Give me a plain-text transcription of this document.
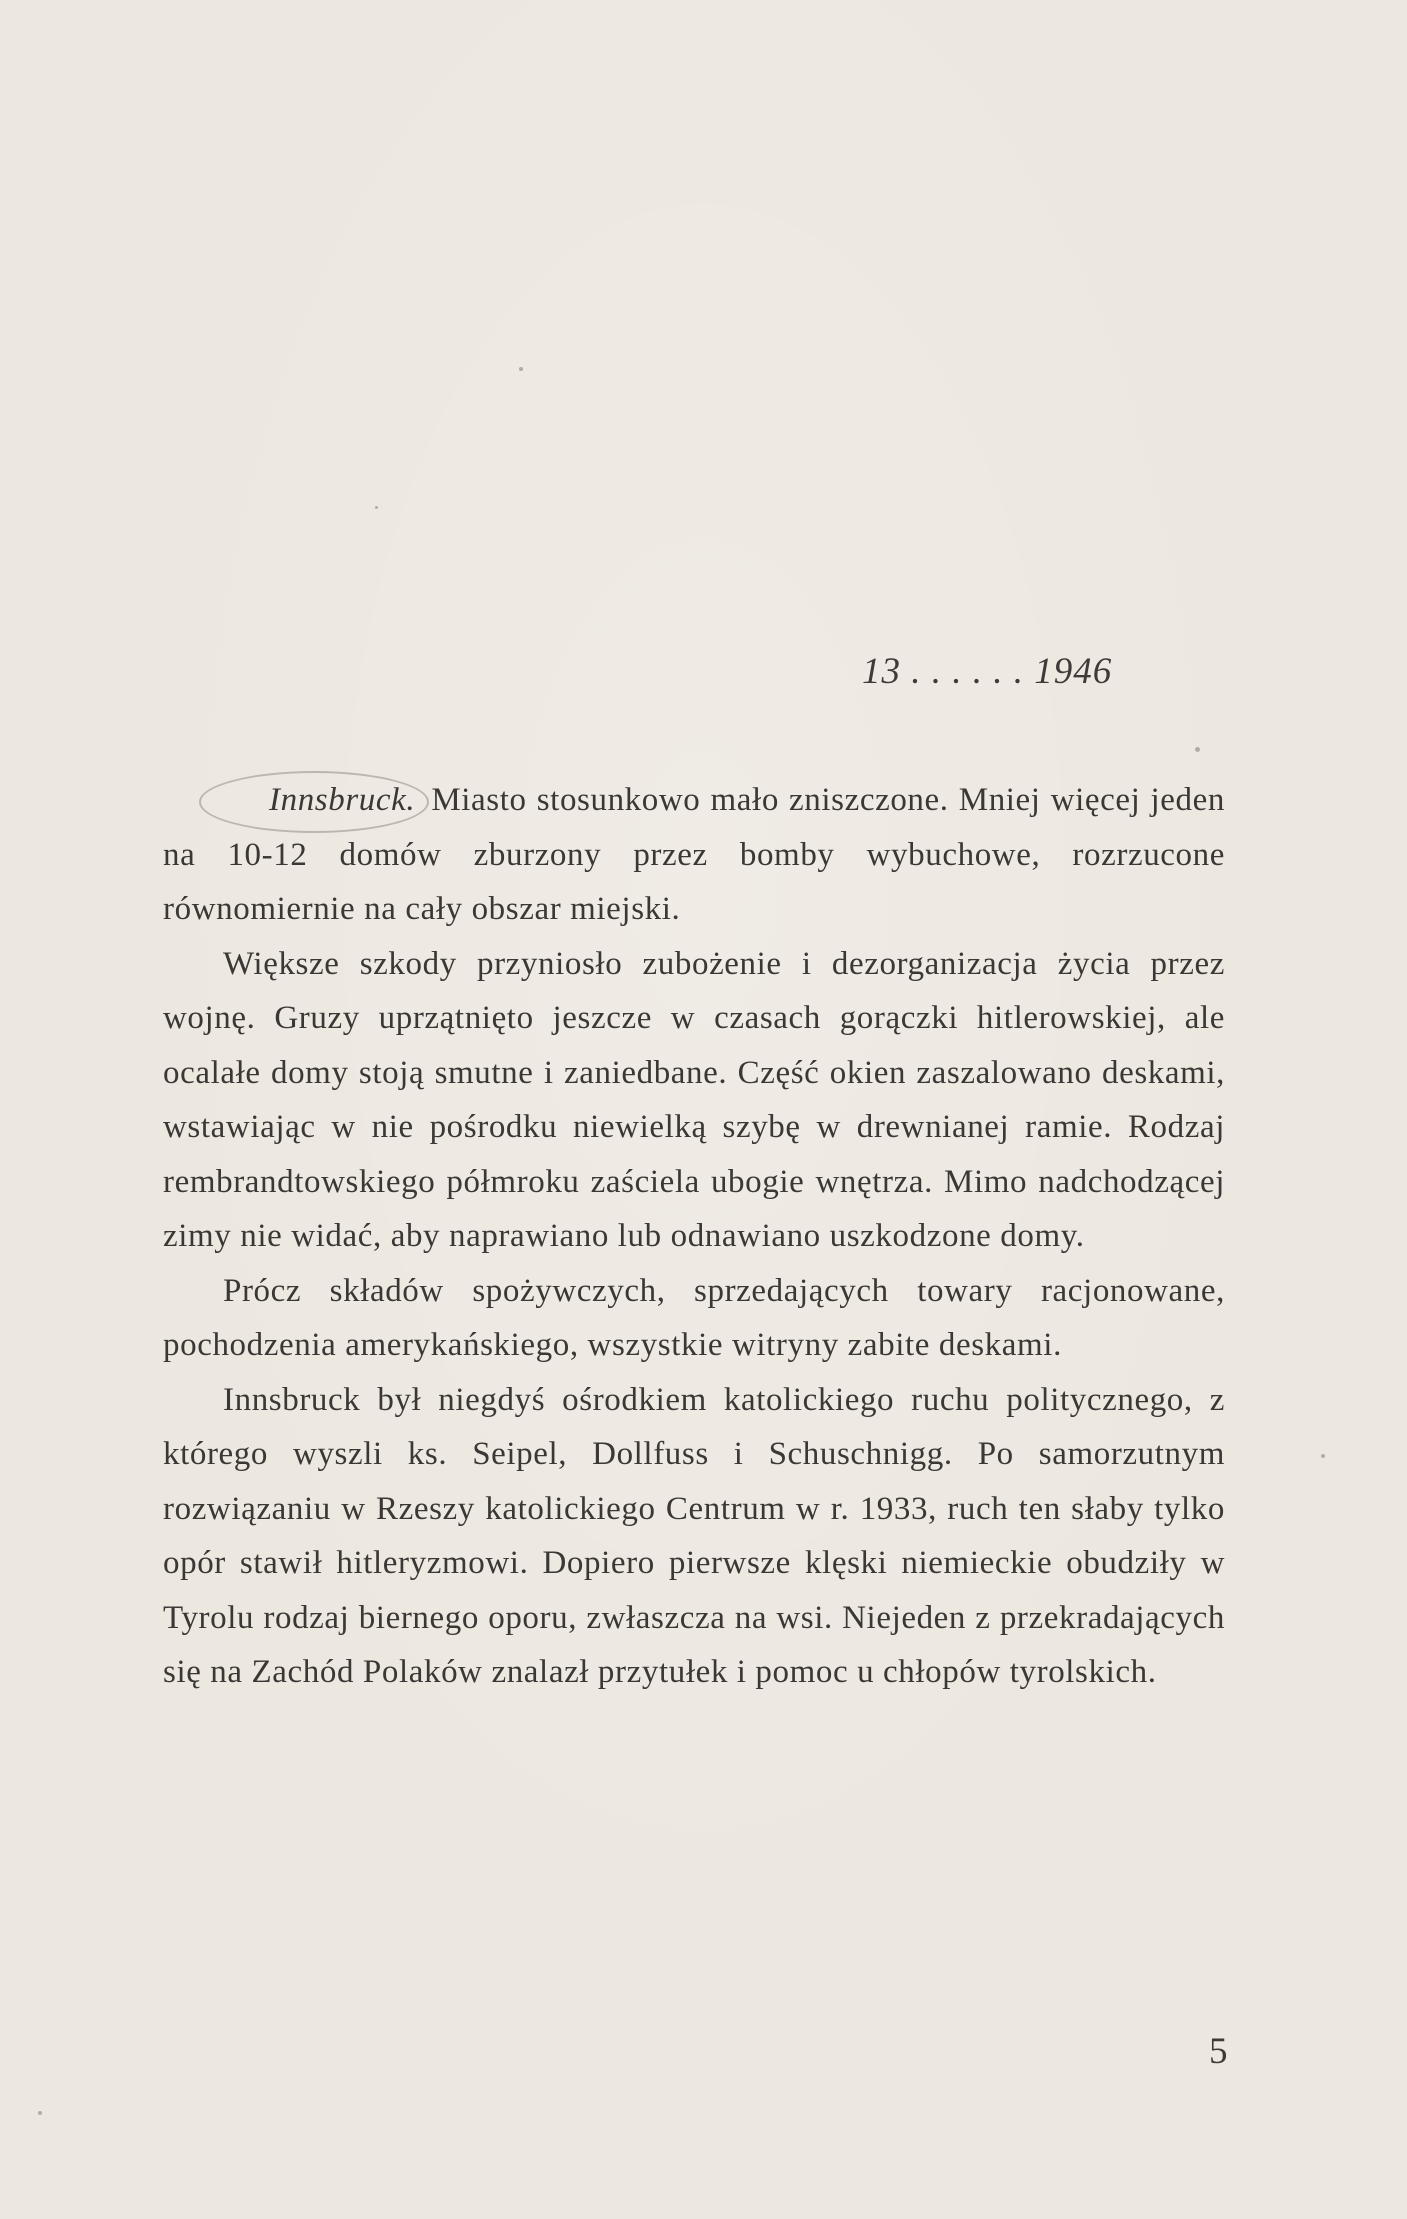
13 . . . . . . 1946

Innsbruck. Miasto stosunkowo mało zniszczone. Mniej więcej jeden na 10-12 domów zburzony przez bomby wybuchowe, rozrzucone równomiernie na cały obszar miejski.

Większe szkody przyniosło zubożenie i dezorganizacja życia przez wojnę. Gruzy uprzątnięto jeszcze w czasach gorączki hitlerowskiej, ale ocalałe domy stoją smutne i zaniedbane. Część okien zaszalowano deskami, wstawiając w nie pośrodku niewielką szybę w drewnianej ramie. Rodzaj rembrandtowskiego półmroku zaściela ubogie wnętrza. Mimo nadchodzącej zimy nie widać, aby naprawiano lub odnawiano uszkodzone domy.

Prócz składów spożywczych, sprzedających towary racjonowane, pochodzenia amerykańskiego, wszystkie witryny zabite deskami.

Innsbruck był niegdyś ośrodkiem katolickiego ruchu politycznego, z którego wyszli ks. Seipel, Dollfuss i Schuschnigg. Po samorzutnym rozwiązaniu w Rzeszy katolickiego Centrum w r. 1933, ruch ten słaby tylko opór stawił hitleryzmowi. Dopiero pierwsze klęski niemieckie obudziły w Tyrolu rodzaj biernego oporu, zwłaszcza na wsi. Niejeden z przekradających się na Zachód Polaków znalazł przytułek i pomoc u chłopów tyrolskich.

5
